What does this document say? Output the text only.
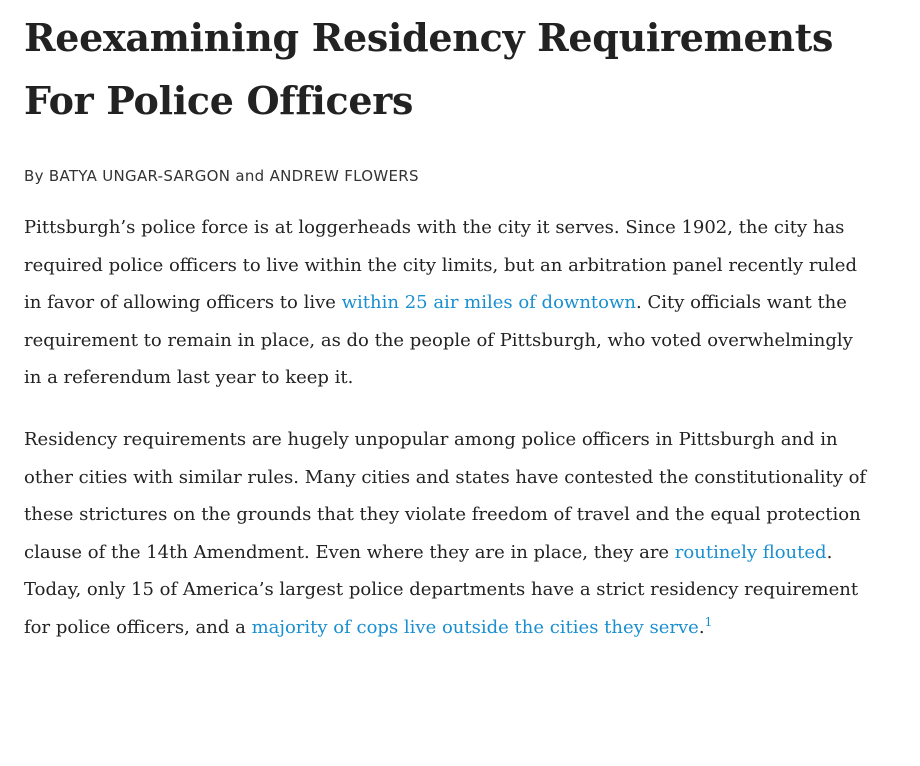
Reexamining Residency Requirements For Police Officers
By BATYA UNGAR-SARGON and ANDREW FLOWERS

Pittsburgh’s police force is at loggerheads with the city it serves. Since 1902, the city has required police officers to live within the city limits, but an arbitration panel recently ruled in favor of allowing officers to live within 25 air miles of downtown. City officials want the requirement to remain in place, as do the people of Pittsburgh, who voted overwhelmingly in a referendum last year to keep it.

Residency requirements are hugely unpopular among police officers in Pittsburgh and in other cities with similar rules. Many cities and states have contested the constitutionality of these strictures on the grounds that they violate freedom of travel and the equal protection clause of the 14th Amendment. Even where they are in place, they are routinely flouted. Today, only 15 of America’s largest police departments have a strict residency requirement for police officers, and a majority of cops live outside the cities they serve.$^1$
